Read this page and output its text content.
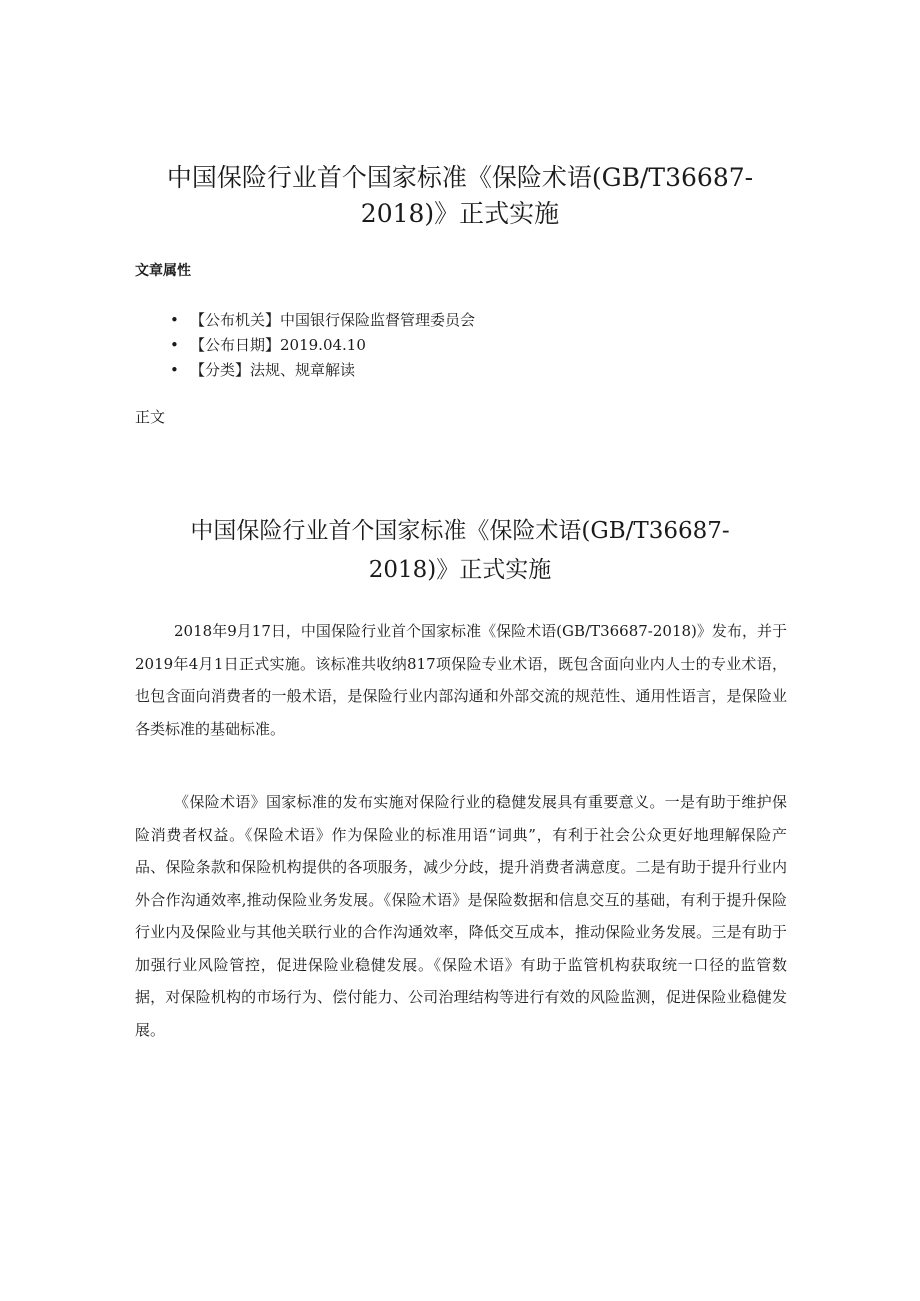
中国保险行业首个国家标准《保险术语(GB/T36687-
2018)》正式实施
文章属性
• 【公布机关】中国银行保险监督管理委员会
• 【公布日期】2019.04.10
• 【分类】法规、规章解读

正文

中国保险行业首个国家标准《保险术语(GB/T36687-
2018)》正式实施

2018年9月17日，中国保险行业首个国家标准《保险术语(GB/T36687-2018)》发布，并于2019年4月1日正式实施。该标准共收纳817项保险专业术语，既包含面向业内人士的专业术语，也包含面向消费者的一般术语，是保险行业内部沟通和外部交流的规范性、通用性语言，是保险业各类标准的基础标准。

《保险术语》国家标准的发布实施对保险行业的稳健发展具有重要意义。一是有助于维护保险消费者权益。《保险术语》作为保险业的标准用语“词典”，有利于社会公众更好地理解保险产品、保险条款和保险机构提供的各项服务，减少分歧，提升消费者满意度。二是有助于提升行业内外合作沟通效率,推动保险业务发展。《保险术语》是保险数据和信息交互的基础，有利于提升保险行业内及保险业与其他关联行业的合作沟通效率，降低交互成本，推动保险业务发展。三是有助于加强行业风险管控，促进保险业稳健发展。《保险术语》有助于监管机构获取统一口径的监管数据，对保险机构的市场行为、偿付能力、公司治理结构等进行有效的风险监测，促进保险业稳健发展。
